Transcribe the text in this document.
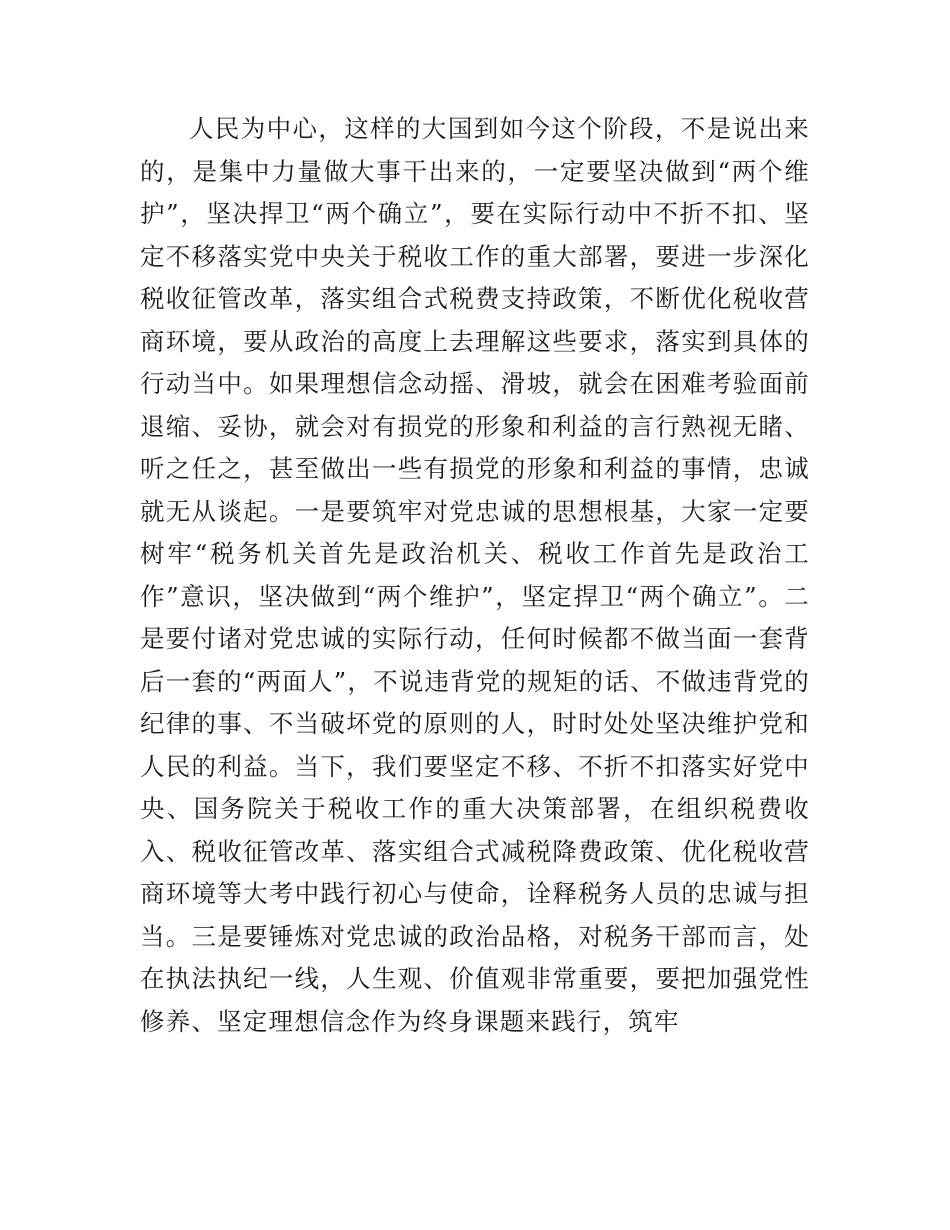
人民为中心，这样的大国到如今这个阶段，不是说出来的，是集中力量做大事干出来的，一定要坚决做到“两个维护”，坚决捍卫“两个确立”，要在实际行动中不折不扣、坚定不移落实党中央关于税收工作的重大部署，要进一步深化税收征管改革，落实组合式税费支持政策，不断优化税收营商环境，要从政治的高度上去理解这些要求，落实到具体的行动当中。如果理想信念动摇、滑坡，就会在困难考验面前退缩、妥协，就会对有损党的形象和利益的言行熟视无睹、听之任之，甚至做出一些有损党的形象和利益的事情，忠诚就无从谈起。一是要筑牢对党忠诚的思想根基，大家一定要树牢“税务机关首先是政治机关、税收工作首先是政治工作”意识，坚决做到“两个维护”，坚定捍卫“两个确立”。二是要付诸对党忠诚的实际行动，任何时候都不做当面一套背后一套的“两面人”，不说违背党的规矩的话、不做违背党的纪律的事、不当破坏党的原则的人，时时处处坚决维护党和人民的利益。当下，我们要坚定不移、不折不扣落实好党中央、国务院关于税收工作的重大决策部署，在组织税费收入、税收征管改革、落实组合式减税降费政策、优化税收营商环境等大考中践行初心与使命，诠释税务人员的忠诚与担当。三是要锤炼对党忠诚的政治品格，对税务干部而言，处在执法执纪一线，人生观、价值观非常重要，要把加强党性修养、坚定理想信念作为终身课题来践行，筑牢
